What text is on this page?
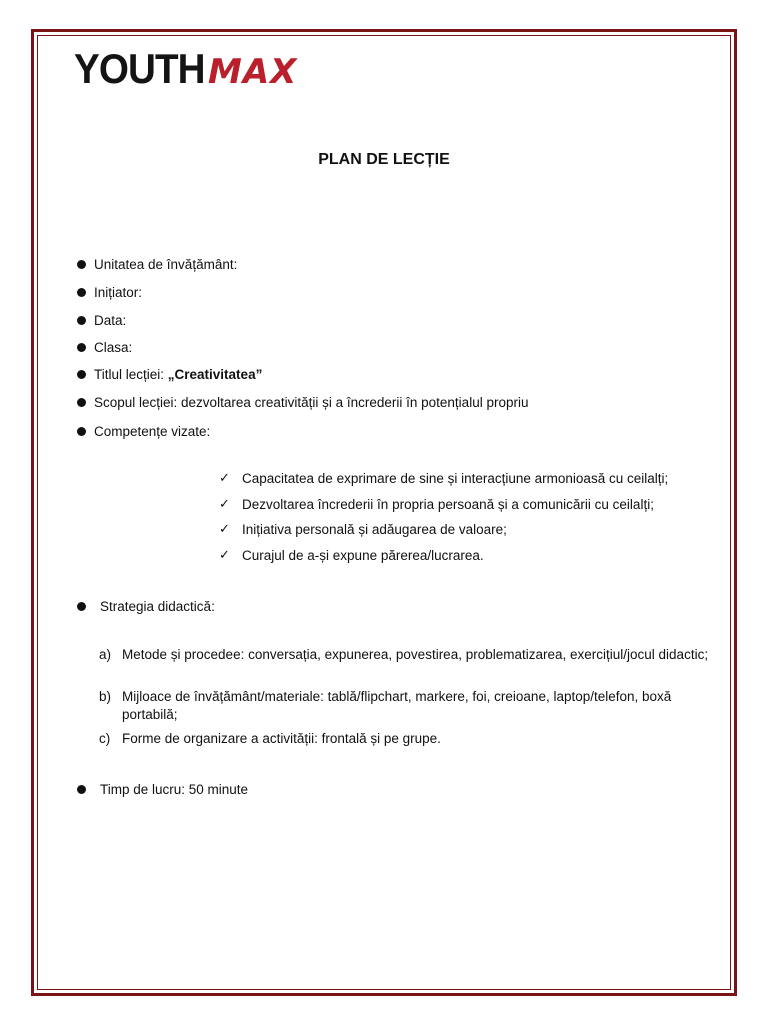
YOUTH MAX
PLAN DE LECȚIE
Unitatea de învățământ:
Inițiator:
Data:
Clasa:
Titlul lecției: „Creativitatea”
Scopul lecției: dezvoltarea creativității și a încrederii în potențialul propriu
Competențe vizate:
✓ Capacitatea de exprimare de sine și interacțiune armonioasă cu ceilalți;
✓ Dezvoltarea încrederii în propria persoană și a comunicării cu ceilalți;
✓ Inițiativa personală și adăugarea de valoare;
✓ Curajul de a-și expune părerea/lucrarea.
Strategia didactică:
a) Metode și procedee: conversația, expunerea, povestirea, problematizarea, exercițiul/jocul didactic;
b) Mijloace de învățământ/materiale: tablă/flipchart, markere, foi, creioane, laptop/telefon, boxă portabilă;
c) Forme de organizare a activității: frontală și pe grupe.
Timp de lucru: 50 minute
